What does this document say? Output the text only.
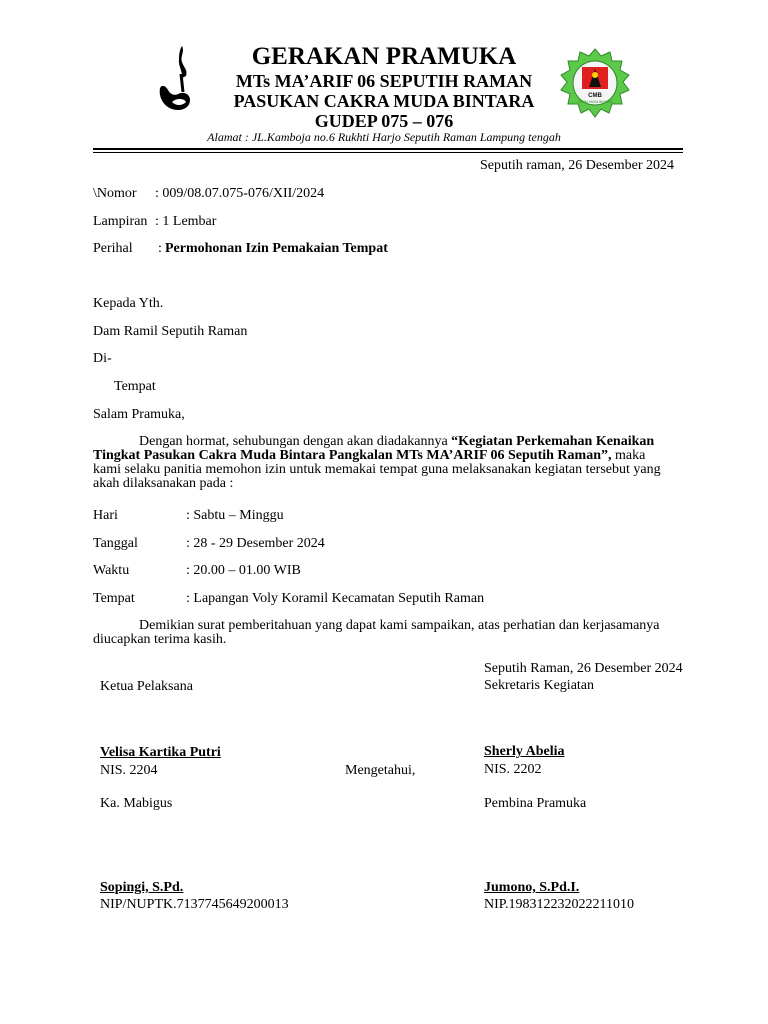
CMB
CAKRA MUDA BINTARA
GERAKAN PRAMUKA
MTs MA’ARIF 06 SEPUTIH RAMAN
PASUKAN CAKRA MUDA BINTARA
GUDEP 075 – 076
Alamat : JL.Kamboja no.6 Rukhti Harjo Seputih Raman Lampung tengah
Seputih raman, 26 Desember 2024
\Nomor : 009/08.07.075-076/XII/2024
Lampiran : 1 Lembar
Perihal : Permohonan Izin Pemakaian Tempat
Kepada Yth.
Dam Ramil Seputih Raman
Di-
Tempat
Salam Pramuka,
Dengan hormat, sehubungan dengan akan diadakannya “Kegiatan Perkemahan Kenaikan Tingkat Pasukan Cakra Muda Bintara Pangkalan MTs MA’ARIF 06 Seputih Raman”, maka kami selaku panitia memohon izin untuk memakai tempat guna melaksanakan kegiatan tersebut yang akah dilaksanakan pada :
Hari	: Sabtu – Minggu
Tanggal	: 28 - 29 Desember 2024
Waktu	: 20.00 – 01.00 WIB
Tempat	: Lapangan Voly Koramil Kecamatan Seputih Raman
Demikian surat pemberitahuan yang dapat kami sampaikan, atas perhatian dan kerjasamanya diucapkan terima kasih.
Seputih Raman, 26 Desember 2024
Ketua Pelaksana	Sekretaris Kegiatan
Velisa Kartika Putri
NIS. 2204
Sherly Abelia
NIS. 2202
Mengetahui,
Ka. Mabigus	Pembina Pramuka
Sopingi, S.Pd.
NIP/NUPTK.7137745649200013
Jumono, S.Pd.I.
NIP.198312232022211010
